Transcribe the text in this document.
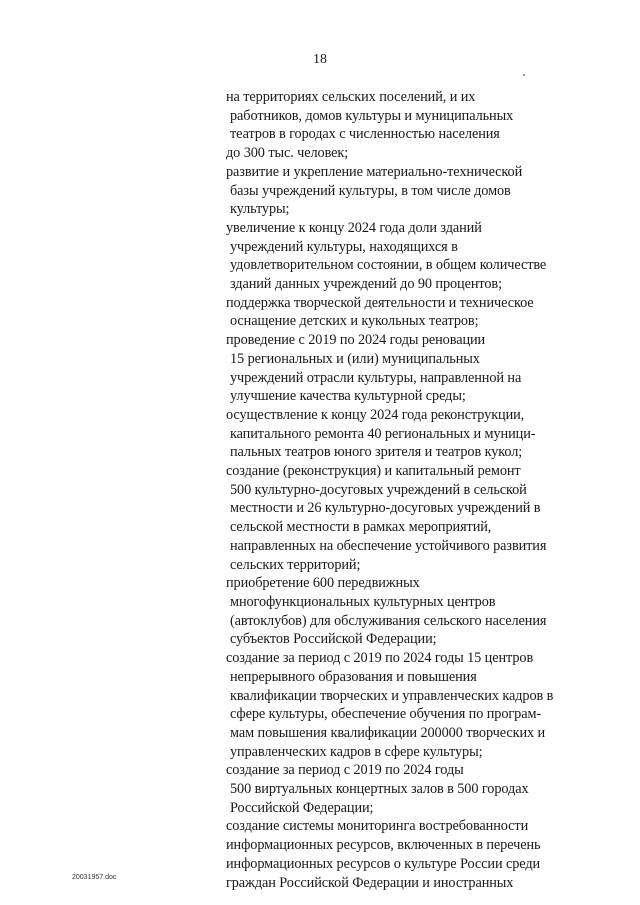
18
на территориях сельских поселений, и их
работников, домов культуры и муниципальных
театров в городах с численностью населения
до 300 тыс. человек;
развитие и укрепление материально-технической
базы учреждений культуры, в том числе домов
культуры;
увеличение к концу 2024 года доли зданий
учреждений культуры, находящихся в
удовлетворительном состоянии, в общем количестве
зданий данных учреждений до 90 процентов;
поддержка творческой деятельности и техническое
оснащение детских и кукольных театров;
проведение с 2019 по 2024 годы реновации
15 региональных и (или) муниципальных
учреждений отрасли культуры, направленной на
улучшение качества культурной среды;
осуществление к концу 2024 года реконструкции,
капитального ремонта 40 региональных и муници-
пальных театров юного зрителя и театров кукол;
создание (реконструкция) и капитальный ремонт
500 культурно-досуговых учреждений в сельской
местности и 26 культурно-досуговых учреждений в
сельской местности в рамках мероприятий,
направленных на обеспечение устойчивого развития
сельских территорий;
приобретение 600 передвижных
многофункциональных культурных центров
(автоклубов) для обслуживания сельского населения
субъектов Российской Федерации;
создание за период с 2019 по 2024 годы 15 центров
непрерывного образования и повышения
квалификации творческих и управленческих кадров в
сфере культуры, обеспечение обучения по програм-
мам повышения квалификации 200000 творческих и
управленческих кадров в сфере культуры;
создание за период с 2019 по 2024 годы
500 виртуальных концертных залов в 500 городах
Российской Федерации;
создание системы мониторинга востребованности
информационных ресурсов, включенных в перечень
информационных ресурсов о культуре России среди
граждан Российской Федерации и иностранных
20031957.doc
